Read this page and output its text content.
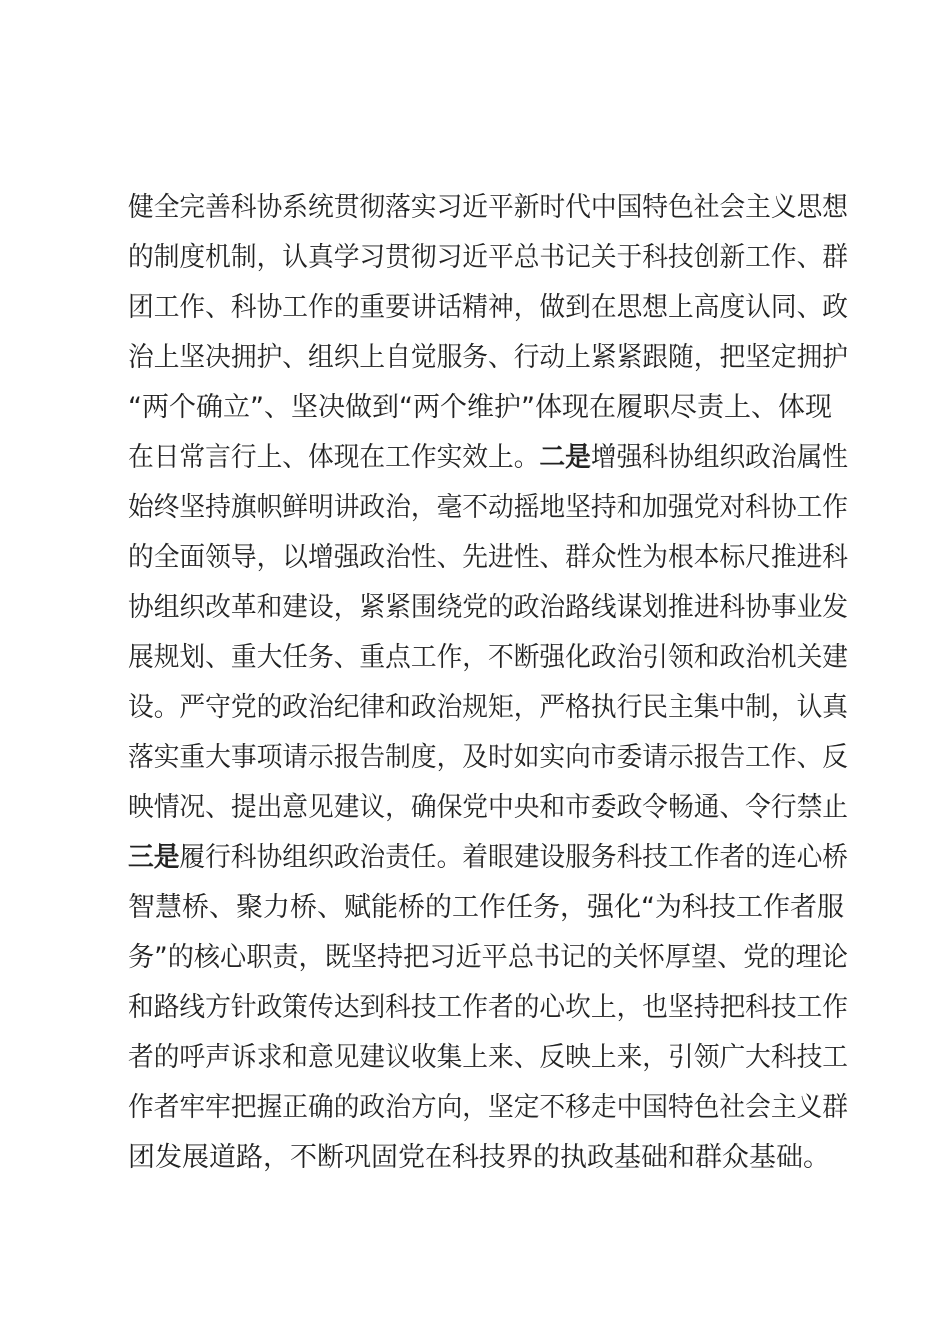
健全完善科协系统贯彻落实习近平新时代中国特色社会主义思想
的制度机制，认真学习贯彻习近平总书记关于科技创新工作、群
团工作、科协工作的重要讲话精神，做到在思想上高度认同、政
治上坚决拥护、组织上自觉服务、行动上紧紧跟随，把坚定拥护
“两个确立”、坚决做到“两个维护”体现在履职尽责上、体现
在日常言行上、体现在工作实效上。二是增强科协组织政治属性
始终坚持旗帜鲜明讲政治，毫不动摇地坚持和加强党对科协工作
的全面领导，以增强政治性、先进性、群众性为根本标尺推进科
协组织改革和建设，紧紧围绕党的政治路线谋划推进科协事业发
展规划、重大任务、重点工作，不断强化政治引领和政治机关建
设。严守党的政治纪律和政治规矩，严格执行民主集中制，认真
落实重大事项请示报告制度，及时如实向市委请示报告工作、反
映情况、提出意见建议，确保党中央和市委政令畅通、令行禁止
三是履行科协组织政治责任。着眼建设服务科技工作者的连心桥
智慧桥、聚力桥、赋能桥的工作任务，强化“为科技工作者服
务”的核心职责，既坚持把习近平总书记的关怀厚望、党的理论
和路线方针政策传达到科技工作者的心坎上，也坚持把科技工作
者的呼声诉求和意见建议收集上来、反映上来，引领广大科技工
作者牢牢把握正确的政治方向，坚定不移走中国特色社会主义群
团发展道路，不断巩固党在科技界的执政基础和群众基础。
